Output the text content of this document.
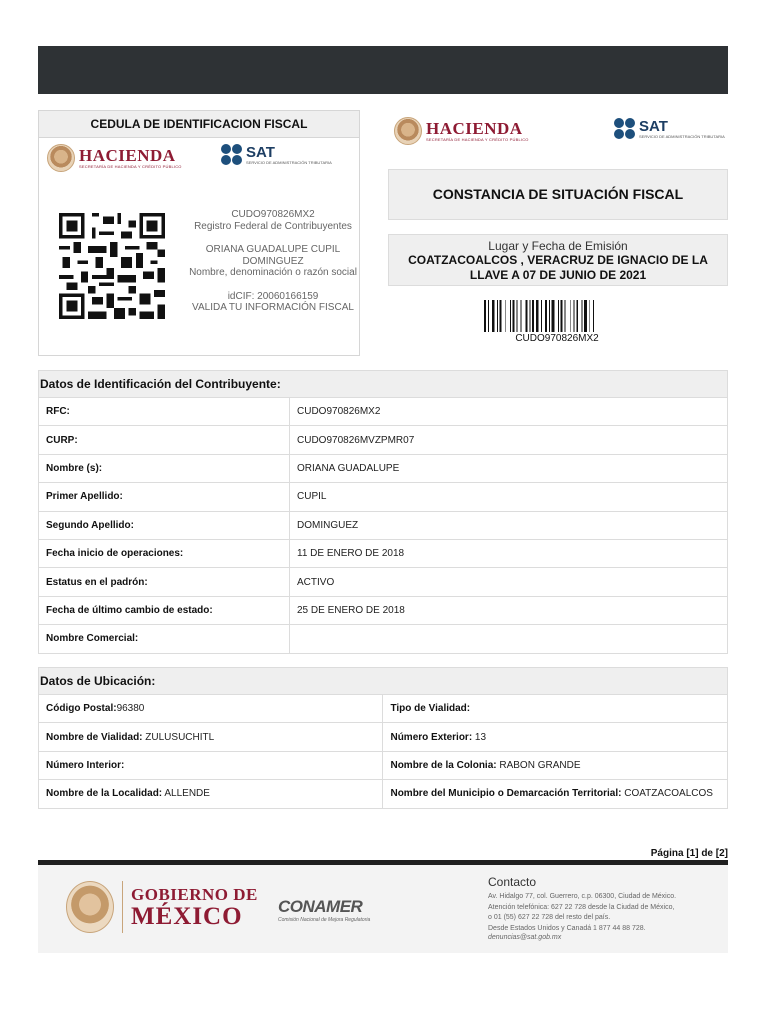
CEDULA DE IDENTIFICACION FISCAL
HACIENDA
SECRETARÍA DE HACIENDA Y CRÉDITO PÚBLICO
SAT
SERVICIO DE ADMINISTRACIÓN TRIBUTARIA
CUDO970826MX2
Registro Federal de Contribuyentes
ORIANA GUADALUPE CUPIL
DOMINGUEZ
Nombre, denominación o razón social
idCIF: 20060166159
VALIDA TU INFORMACIÓN FISCAL
HACIENDA
SECRETARÍA DE HACIENDA Y CRÉDITO PÚBLICO
SAT
SERVICIO DE ADMINISTRACIÓN TRIBUTARIA
CONSTANCIA DE SITUACIÓN FISCAL
Lugar y Fecha de Emisión
COATZACOALCOS , VERACRUZ DE IGNACIO DE LA LLAVE A 07 DE JUNIO DE 2021
CUDO970826MX2
Datos de Identificación del Contribuyente:
RFC:	CUDO970826MX2
CURP:	CUDO970826MVZPMR07
Nombre (s):	ORIANA GUADALUPE
Primer Apellido:	CUPIL
Segundo Apellido:	DOMINGUEZ
Fecha inicio de operaciones:	11 DE ENERO DE 2018
Estatus en el padrón:	ACTIVO
Fecha de último cambio de estado:	25 DE ENERO DE 2018
Nombre Comercial:	
Datos de Ubicación:
Código Postal:96380	Tipo de Vialidad:
Nombre de Vialidad: ZULUSUCHITL	Número Exterior: 13
Número Interior:	Nombre de la Colonia: RABON GRANDE
Nombre de la Localidad: ALLENDE	Nombre del Municipio o Demarcación Territorial: COATZACOALCOS
Página [1] de [2]
GOBIERNO DE
MÉXICO	CONAMER
Comisión Nacional de Mejora Regulatoria
Contacto
Av. Hidalgo 77, col. Guerrero, c.p. 06300, Ciudad de México.
Atención telefónica: 627 22 728 desde la Ciudad de México,
o 01 (55) 627 22 728 del resto del país.
Desde Estados Unidos y Canadá 1 877 44 88 728.
denuncias@sat.gob.mx
